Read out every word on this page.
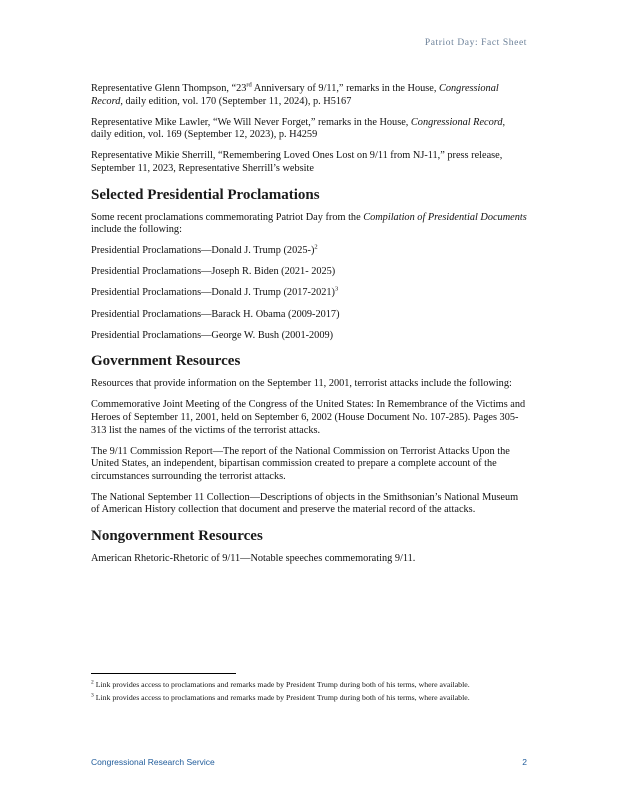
Patriot Day: Fact Sheet

Representative Glenn Thompson, “23rd Anniversary of 9/11,” remarks in the House, Congressional Record, daily edition, vol. 170 (September 11, 2024), p. H5167

Representative Mike Lawler, “We Will Never Forget,” remarks in the House, Congressional Record, daily edition, vol. 169 (September 12, 2023), p. H4259

Representative Mikie Sherrill, “Remembering Loved Ones Lost on 9/11 from NJ-11,” press release, September 11, 2023, Representative Sherrill’s website

Selected Presidential Proclamations

Some recent proclamations commemorating Patriot Day from the Compilation of Presidential Documents include the following:

Presidential Proclamations—Donald J. Trump $(2025-)^2$

Presidential Proclamations—Joseph R. Biden (2021- 2025)

Presidential Proclamations—Donald J. Trump (2017-2021)$^3$

Presidential Proclamations—Barack H. Obama (2009-2017)

Presidential Proclamations—George W. Bush (2001-2009)

Government Resources

Resources that provide information on the September 11, 2001, terrorist attacks include the following:

Commemorative Joint Meeting of the Congress of the United States: In Remembrance of the Victims and Heroes of September 11, 2001, held on September 6, 2002 (House Document No. 107-285). Pages 305-313 list the names of the victims of the terrorist attacks.

The 9/11 Commission Report—The report of the National Commission on Terrorist Attacks Upon the United States, an independent, bipartisan commission created to prepare a complete account of the circumstances surrounding the terrorist attacks.

The National September 11 Collection—Descriptions of objects in the Smithsonian’s National Museum of American History collection that document and preserve the material record of the attacks.

Nongovernment Resources

American Rhetoric-Rhetoric of 9/11—Notable speeches commemorating 9/11.

$^2$ Link provides access to proclamations and remarks made by President Trump during both of his terms, where available.

$^3$ Link provides access to proclamations and remarks made by President Trump during both of his terms, where available.

Congressional Research Service	2
